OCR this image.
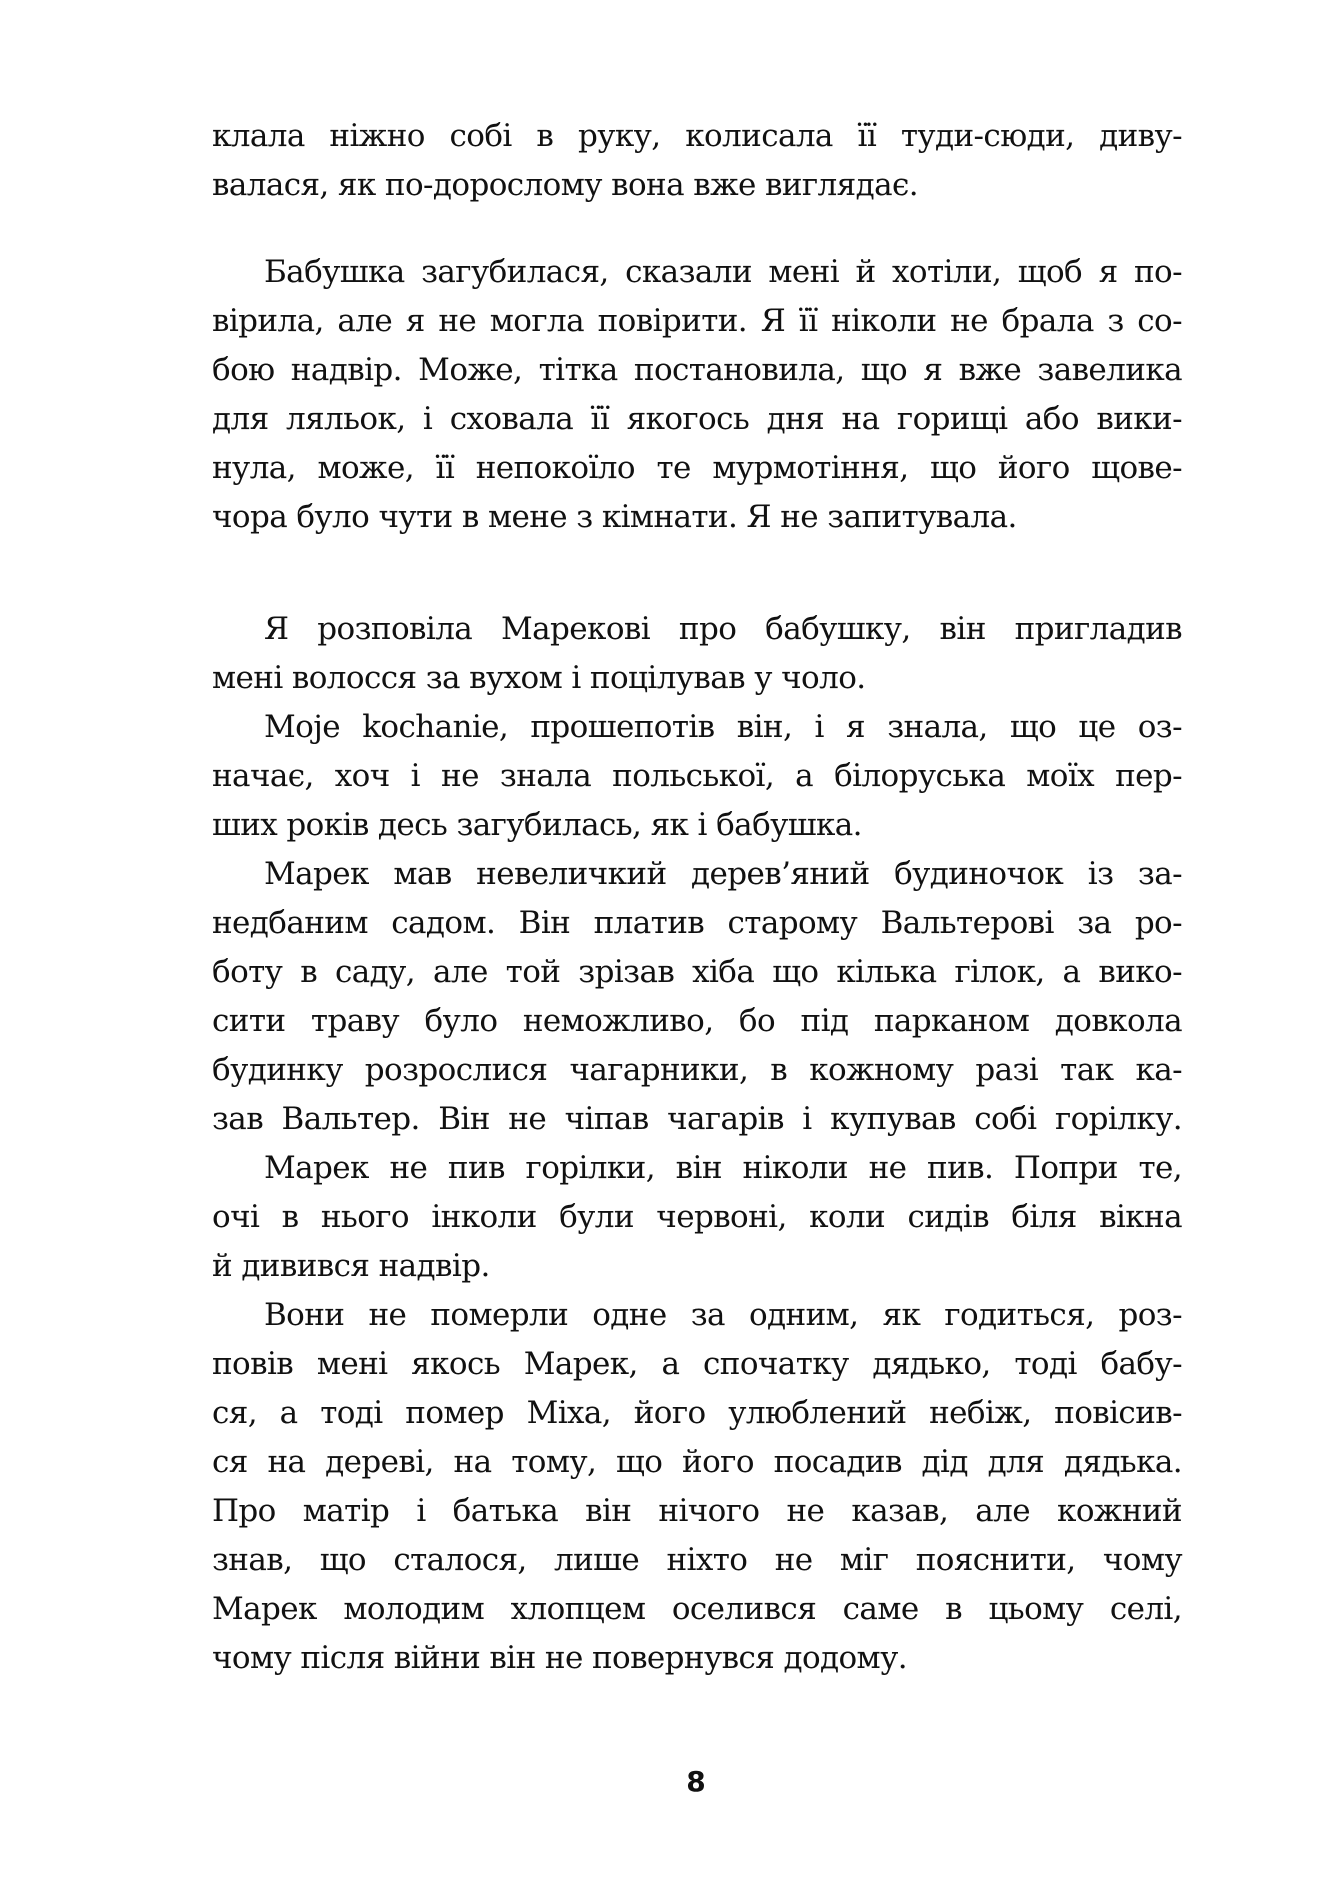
клала ніжно собі в руку, колисала її туди-сюди, диву-
валася, як по-дорослому вона вже виглядає.
Бабушка загубилася, сказали мені й хотіли, щоб я по-
вірила, але я не могла повірити. Я її ніколи не брала з со-
бою надвір. Може, тітка постановила, що я вже завелика
для ляльок, і сховала її якогось дня на горищі або вики-
нула, може, її непокоїло те мурмотіння, що його щове-
чора було чути в мене з кімнати. Я не запитувала.
Я розповіла Марекові про бабушку, він пригладив
мені волосся за вухом і поцілував у чоло.
Moje kochanie, прошепотів він, і я знала, що це оз-
начає, хоч і не знала польської, а білоруська моїх пер-
ших років десь загубилась, як і бабушка.
Марек мав невеличкий дерев’яний будиночок із за-
недбаним садом. Він платив старому Вальтерові за ро-
боту в саду, але той зрізав хіба що кілька гілок, а вико-
сити траву було неможливо, бо під парканом довкола
будинку розрослися чагарники, в кожному разі так ка-
зав Вальтер. Він не чіпав чагарів і купував собі горілку.
Марек не пив горілки, він ніколи не пив. Попри те,
очі в нього інколи були червоні, коли сидів біля вікна
й дивився надвір.
Вони не померли одне за одним, як годиться, роз-
повів мені якось Марек, а спочатку дядько, тоді бабу-
ся, а тоді помер Міха, його улюблений небіж, повісив-
ся на дереві, на тому, що його посадив дід для дядька.
Про матір і батька він нічого не казав, але кожний
знав, що сталося, лише ніхто не міг пояснити, чому
Марек молодим хлопцем оселився саме в цьому селі,
чому після війни він не повернувся додому.
8
